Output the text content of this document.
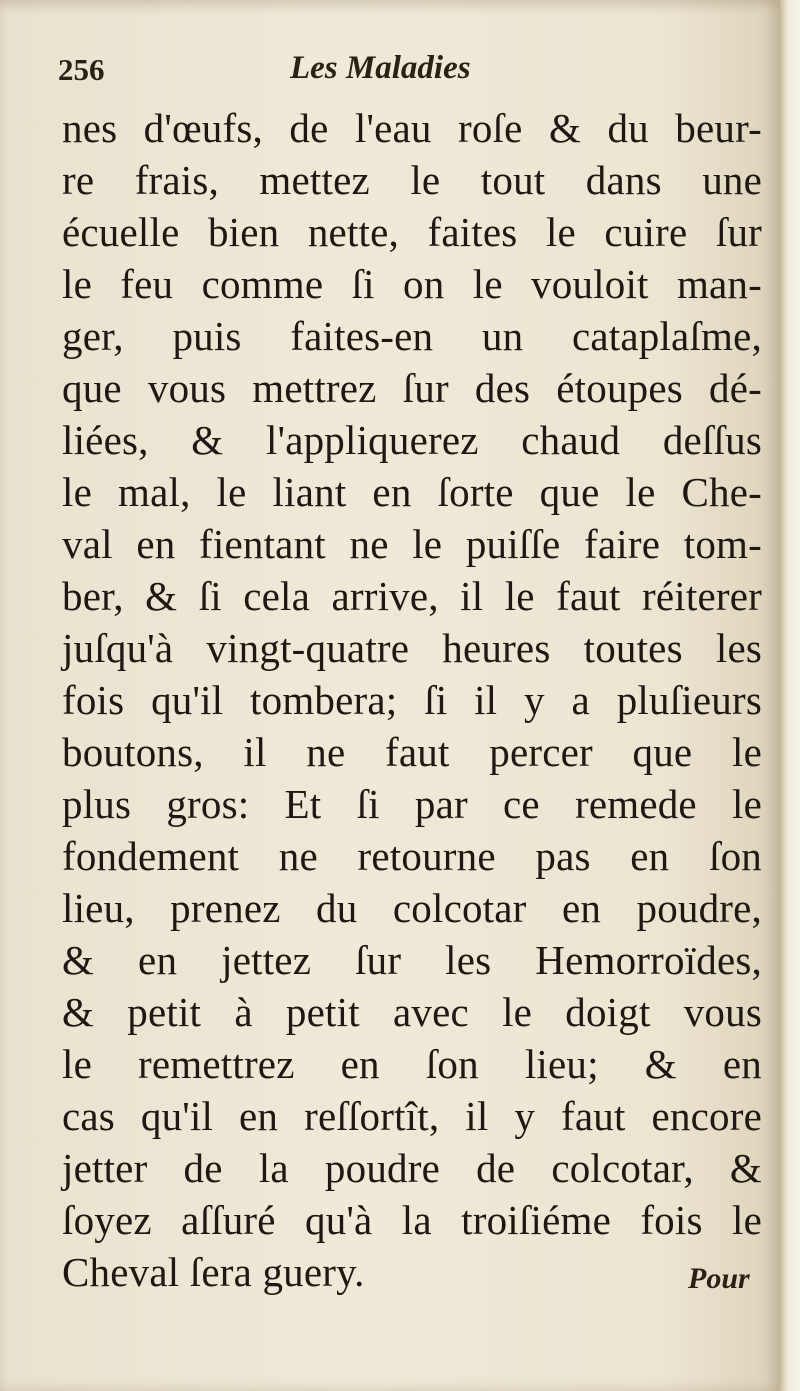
256	Les Maladies
nes d'œufs, de l'eau roſe & du beur-
re frais, mettez le tout dans une
écuelle bien nette, faites le cuire ſur
le feu comme ſi on le vouloit man-
ger, puis faites-en un cataplaſme,
que vous mettrez ſur des étoupes dé-
liées, & l'appliquerez chaud deſſus
le mal, le liant en ſorte que le Che-
val en fientant ne le puiſſe faire tom-
ber, & ſi cela arrive, il le faut réiterer
juſqu'à vingt-quatre heures toutes les
fois qu'il tombera; ſi il y a pluſieurs
boutons, il ne faut percer que le
plus gros: Et ſi par ce remede le
fondement ne retourne pas en ſon
lieu, prenez du colcotar en poudre,
& en jettez ſur les Hemorroïdes,
& petit à petit avec le doigt vous
le remettrez en ſon lieu; & en
cas qu'il en reſſortît, il y faut encore
jetter de la poudre de colcotar, &
ſoyez aſſuré qu'à la troiſiéme fois le
Cheval ſera guery.	Pour
